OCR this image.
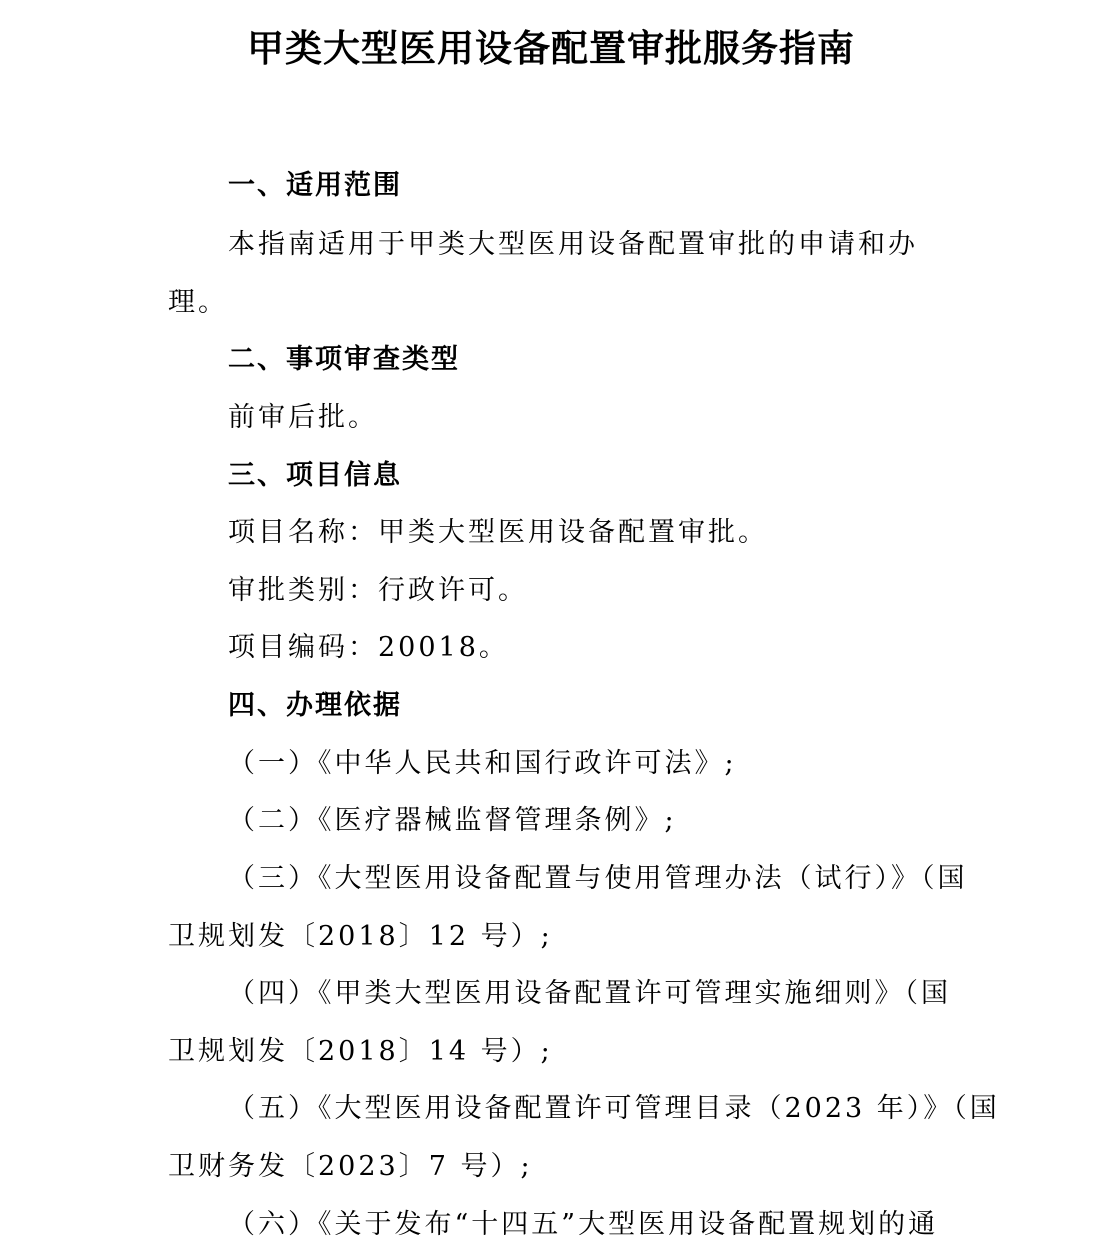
甲类大型医用设备配置审批服务指南
一、适用范围
本指南适用于甲类大型医用设备配置审批的申请和办
理。
二、事项审查类型
前审后批。
三、项目信息
项目名称：甲类大型医用设备配置审批。
审批类别：行政许可。
项目编码：20018。
四、办理依据
（一）《中华人民共和国行政许可法》;
（二）《医疗器械监督管理条例》;
（三）《大型医用设备配置与使用管理办法（试行）》（国
卫规划发〔2018〕12 号）;
（四）《甲类大型医用设备配置许可管理实施细则》（国
卫规划发〔2018〕14 号）;
（五）《大型医用设备配置许可管理目录（2023 年）》（国
卫财务发〔2023〕7 号）;
（六）《关于发布“十四五”大型医用设备配置规划的通
